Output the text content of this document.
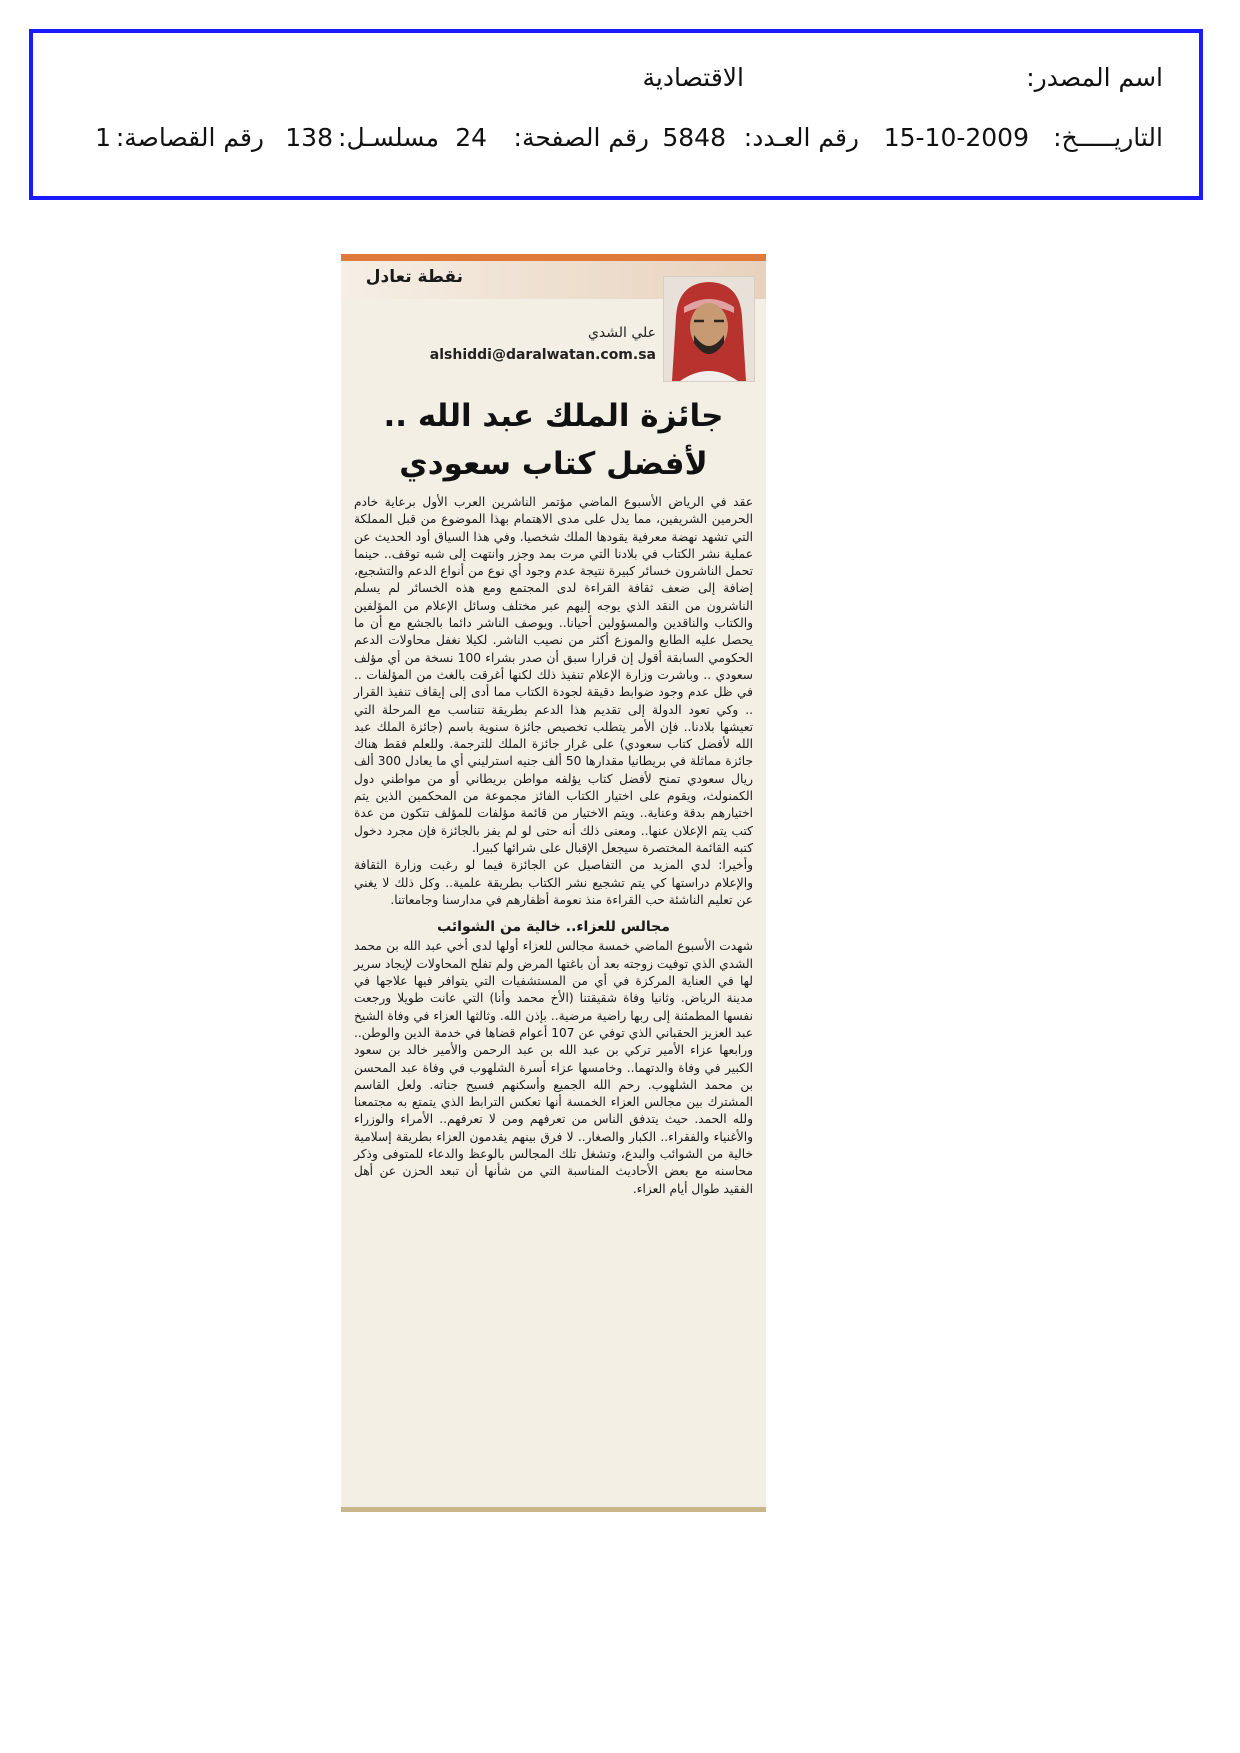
اسم المصدر:
الاقتصادية
التاريـــــخ:
15-10-2009
رقم العـدد:
5848
رقم الصفحة:
24
مسلسـل:
138
رقم القصاصة:
1
نقطة تعادل
علي الشدي
alshiddi@daralwatan.com.sa
جائزة الملك عبد الله ..
لأفضل كتاب سعودي

عقد في الرياض الأسبوع الماضي مؤتمر الناشرين العرب الأول برعاية خادم الحرمين الشريفين، مما يدل على مدى الاهتمام بهذا الموضوع من قبل المملكة التي تشهد نهضة معرفية يقودها الملك شخصيا. وفي هذا السياق أود الحديث عن عملية نشر الكتاب في بلادنا التي مرت بمد وجزر وانتهت إلى شبه توقف.. حينما تحمل الناشرون خسائر كبيرة نتيجة عدم وجود أي نوع من أنواع الدعم والتشجيع، إضافة إلى ضعف ثقافة القراءة لدى المجتمع ومع هذه الخسائر لم يسلم الناشرون من النقد الذي يوجه إليهم عبر مختلف وسائل الإعلام من المؤلفين والكتاب والناقدين والمسؤولين أحيانا.. ويوصف الناشر دائما بالجشع مع أن ما يحصل عليه الطابع والموزع أكثر من نصيب الناشر. لكيلا نغفل محاولات الدعم الحكومي السابقة أقول إن قرارا سبق أن صدر بشراء 100 نسخة من أي مؤلف سعودي .. وباشرت وزارة الإعلام تنفيذ ذلك لكنها أغرقت بالغث من المؤلفات .. في ظل عدم وجود ضوابط دقيقة لجودة الكتاب مما أدى إلى إيقاف تنفيذ القرار .. وكي تعود الدولة إلى تقديم هذا الدعم بطريقة تتناسب مع المرحلة التي تعيشها بلادنا.. فإن الأمر يتطلب تخصيص جائزة سنوية باسم (جائزة الملك عبد الله لأفضل كتاب سعودي) على غرار جائزة الملك للترجمة. وللعلم فقط هناك جائزة مماثلة في بريطانيا مقدارها 50 ألف جنيه استرليني أي ما يعادل 300 ألف ريال سعودي تمنح لأفضل كتاب يؤلفه مواطن بريطاني أو من مواطني دول الكمنولث، ويقوم على اختيار الكتاب الفائز مجموعة من المحكمين الذين يتم اختيارهم بدقة وعناية.. ويتم الاختيار من قائمة مؤلفات للمؤلف تتكون من عدة كتب يتم الإعلان عنها.. ومعنى ذلك أنه حتى لو لم يفز بالجائزة فإن مجرد دخول كتبه القائمة المختصرة سيجعل الإقبال على شرائها كبيرا.

وأخيرا: لدي المزيد من التفاصيل عن الجائزة فيما لو رغبت وزارة الثقافة والإعلام دراستها كي يتم تشجيع نشر الكتاب بطريقة علمية.. وكل ذلك لا يغني عن تعليم الناشئة حب القراءة منذ نعومة أظفارهم في مدارسنا وجامعاتنا.

مجالس للعزاء.. خالية من الشوائب

شهدت الأسبوع الماضي خمسة مجالس للعزاء أولها لدى أخي عبد الله بن محمد الشدي الذي توفيت زوجته بعد أن باغتها المرض ولم تفلح المحاولات لإيجاد سرير لها في العناية المركزة في أي من المستشفيات التي يتوافر فيها علاجها في مدينة الرياض. وثانيا وفاة شقيقتنا (الأخ محمد وأنا) التي عانت طويلا ورجعت نفسها المطمئنة إلى ربها راضية مرضية.. بإذن الله. وثالثها العزاء في وفاة الشيخ عبد العزيز الحقباني الذي توفي عن 107 أعوام قضاها في خدمة الدين والوطن.. ورابعها عزاء الأمير تركي بن عبد الله بن عبد الرحمن والأمير خالد بن سعود الكبير في وفاة والدتهما.. وخامسها عزاء أسرة الشلهوب في وفاة عبد المحسن بن محمد الشلهوب. رحم الله الجميع وأسكنهم فسيح جناته. ولعل القاسم المشترك بين مجالس العزاء الخمسة أنها تعكس الترابط الذي يتمتع به مجتمعنا ولله الحمد. حيث يتدفق الناس من تعرفهم ومن لا تعرفهم.. الأمراء والوزراء والأغنياء والفقراء.. الكبار والصغار.. لا فرق بينهم يقدمون العزاء بطريقة إسلامية خالية من الشوائب والبدع، وتشغل تلك المجالس بالوعظ والدعاء للمتوفى وذكر محاسنه مع بعض الأحاديث المناسبة التي من شأنها أن تبعد الحزن عن أهل الفقيد طوال أيام العزاء.
